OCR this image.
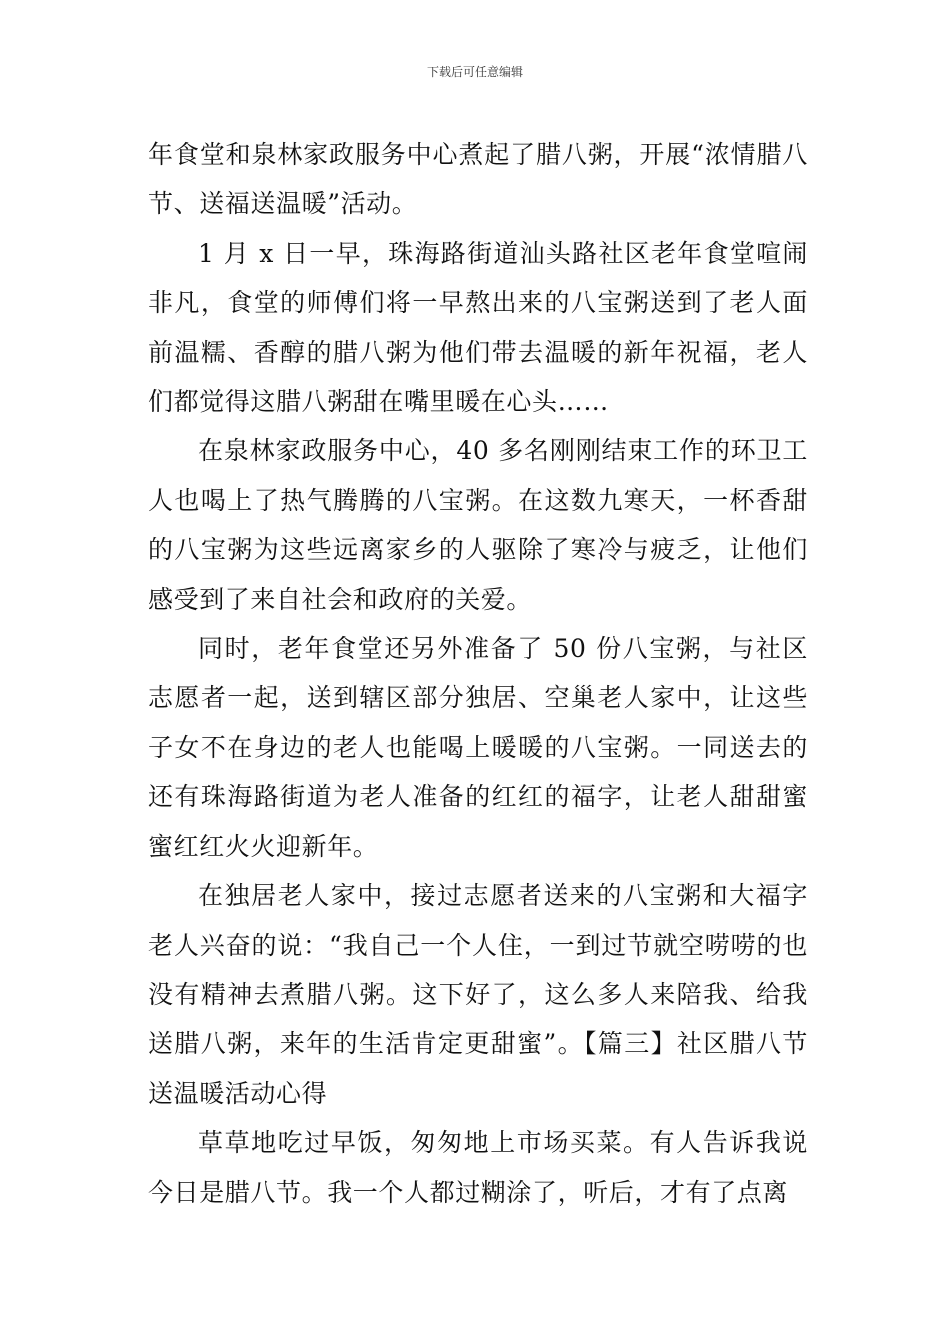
下载后可任意编辑

年食堂和泉林家政服务中心煮起了腊八粥，开展“浓情腊八节、送福送温暖”活动。

1 月 x 日一早，珠海路街道汕头路社区老年食堂喧闹非凡，食堂的师傅们将一早熬出来的八宝粥送到了老人面前温糯、香醇的腊八粥为他们带去温暖的新年祝福，老人们都觉得这腊八粥甜在嘴里暖在心头……

在泉林家政服务中心，40 多名刚刚结束工作的环卫工人也喝上了热气腾腾的八宝粥。在这数九寒天，一杯香甜的八宝粥为这些远离家乡的人驱除了寒冷与疲乏，让他们感受到了来自社会和政府的关爱。

同时，老年食堂还另外准备了 50 份八宝粥，与社区志愿者一起，送到辖区部分独居、空巢老人家中，让这些子女不在身边的老人也能喝上暖暖的八宝粥。一同送去的还有珠海路街道为老人准备的红红的福字，让老人甜甜蜜蜜红红火火迎新年。

在独居老人家中，接过志愿者送来的八宝粥和大福字老人兴奋的说：“我自己一个人住，一到过节就空唠唠的也没有精神去煮腊八粥。这下好了，这么多人来陪我、给我送腊八粥，来年的生活肯定更甜蜜”。【篇三】社区腊八节送温暖活动心得

草草地吃过早饭，匆匆地上市场买菜。有人告诉我说今日是腊八节。我一个人都过糊涂了，听后，才有了点离
